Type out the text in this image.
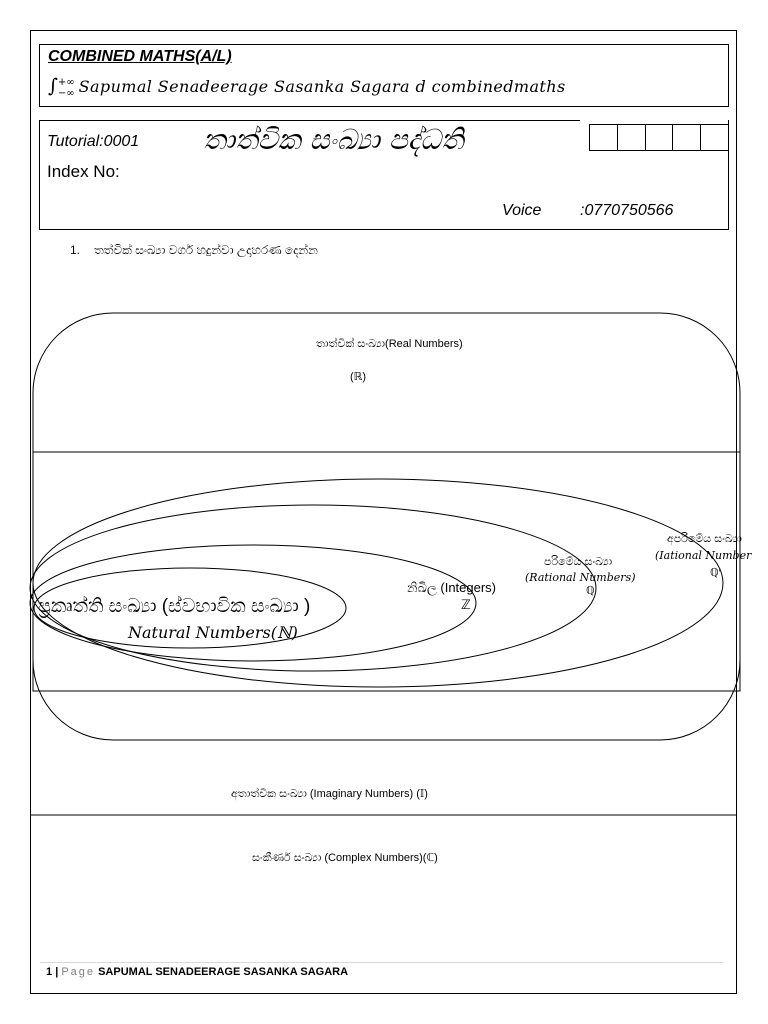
COMBINED MATHS(A/L)
∫+∞
−∞ Sapumal Senadeerage Sasanka Sagara d combinedmaths
Tutorial:0001 තාත්වික සංඛ්‍යා පද්ධති
Index No:
Voice :0770750566
1. තත්වික් සංඛ්‍යා වර්ග හදුන්වා උදාහරණ දෙන්න
තාත්වික් සංඛ්‍යා(Real Numbers)
(ℝ)
ප්‍රකෘත්ති සංඛ්‍යා (ස්වභාවික සංඛ්‍යා )
Natural Numbers(ℕ)
නිඛිල (Integers)
ℤ
පරිමේය සංඛ්‍යා
(Rational Numbers)
ℚ
අපරිමේය සංඛ්‍යා
(Iational Number
ℚ′
අතාත්වික සංඛ්‍යා (Imaginary Numbers) (𝕀)
සංකීර්ණ සංඛ්‍යා (Complex Numbers)(ℂ)
1 | Page SAPUMAL SENADEERAGE SASANKA SAGARA
